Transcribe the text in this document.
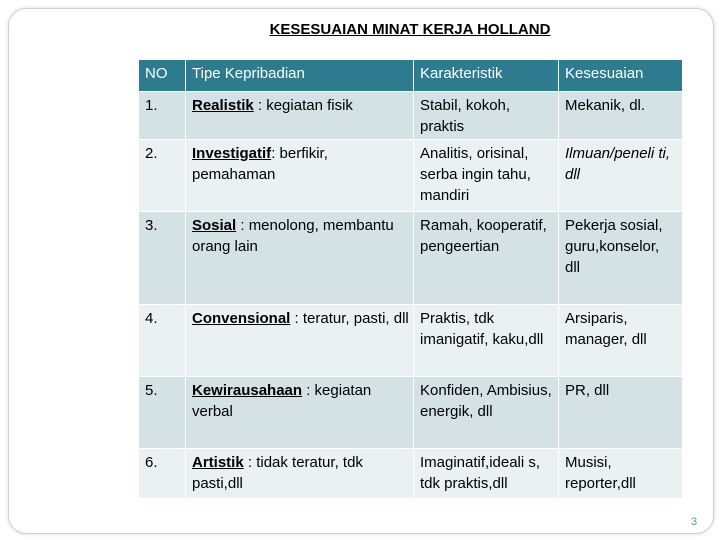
KESESUAIAN MINAT KERJA HOLLAND
NO	Tipe Kepribadian	Karakteristik	Kesesuaian
1.	Realistik : kegiatan fisik	Stabil, kokoh, praktis	Mekanik, dl.
2.	Investigatif: berfikir, pemahaman	Analitis, orisinal, serba ingin tahu, mandiri	Ilmuan/peneli ti, dll
3.	Sosial : menolong, membantu orang lain	Ramah, kooperatif, pengeertian	Pekerja sosial, guru,konselor, dll
4.	Convensional : teratur, pasti, dll	Praktis, tdk imanigatif, kaku,dll	Arsiparis, manager, dll
5.	Kewirausahaan : kegiatan verbal	Konfiden, Ambisius, energik, dll	PR, dll
6.	Artistik : tidak teratur, tdk pasti,dll	Imaginatif,ideali s, tdk praktis,dll	Musisi, reporter,dll
3
